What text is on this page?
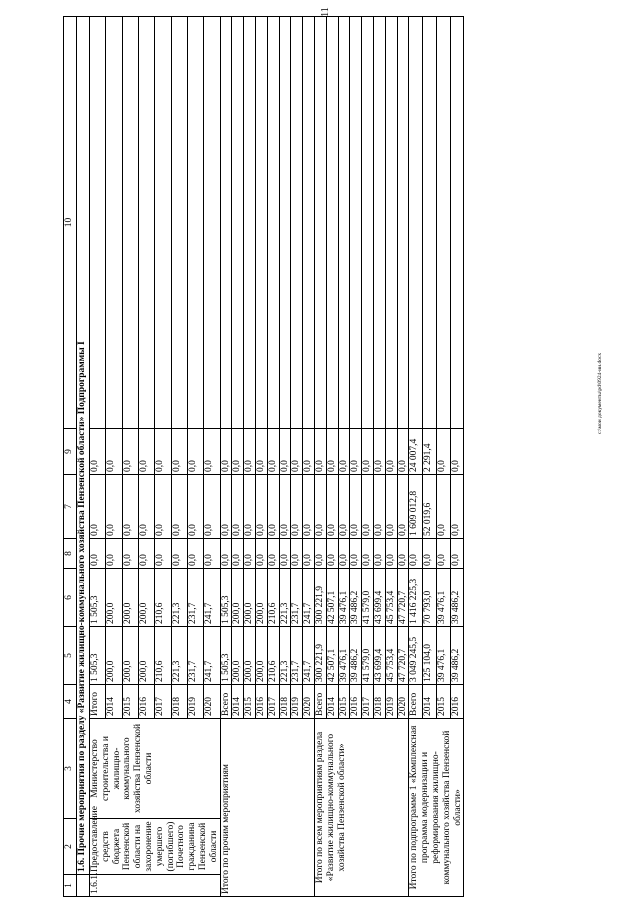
11
c:\мои документы\pd\0924-ии.docx
1	2	3	4	5	6	8	7	9	10
	1.6. Прочие мероприятия по разделу «Развитие жилищно-коммунального хозяйства Пензенской области» Подпрограммы I								
1.6.1.	Предоставление средств бюджета Пензенской области на захоронение умершего (погибшего) Почетного гражданина Пензенской области	Министерство строительства и жилищно-коммунального хозяйства Пензенской области	Итого	1 505,3	1 505,3	0,0	0,0	0,0	
			2014	200,0	200,0	0,0	0,0	0,0	
			2015	200,0	200,0	0,0	0,0	0,0	
			2016	200,0	200,0	0,0	0,0	0,0	
			2017	210,6	210,6	0,0	0,0	0,0	
			2018	221,3	221,3	0,0	0,0	0,0	
			2019	231,7	231,7	0,0	0,0	0,0	
			2020	241,7	241,7	0,0	0,0	0,0	
Итого по прочим мероприятиям			Всего	1 505,3	1 505,3	0,0	0,0	0,0	
			2014	200,0	200,0	0,0	0,0	0,0	
			2015	200,0	200,0	0,0	0,0	0,0	
			2016	200,0	200,0	0,0	0,0	0,0	
			2017	210,6	210,6	0,0	0,0	0,0	
			2018	221,3	221,3	0,0	0,0	0,0	
			2019	231,7	231,7	0,0	0,0	0,0	
			2020	241,7	241,7	0,0	0,0	0,0	
Итого по всем мероприятиям раздела «Развитие жилищно-коммунального хозяйства Пензенской области»			Всего	300 221,9	300 221,9	0,0	0,0	0,0	
			2014	42 507,1	42 507,1	0,0	0,0	0,0	
			2015	39 476,1	39 476,1	0,0	0,0	0,0	
			2016	39 486,2	39 486,2	0,0	0,0	0,0	
			2017	41 579,0	41 579,0	0,0	0,0	0,0	
			2018	43 699,4	43 699,4	0,0	0,0	0,0	
			2019	45 753,4	45 753,4	0,0	0,0	0,0	
			2020	47 720,7	47 720,7	0,0	0,0	0,0	
Итого по подпрограмме 1 «Комплексная программа модернизации и реформирования жилищно-коммунального хозяйства Пензенской области»			Всего	3 049 245,5	1 416 225,3	0,0	1 609 012,8	24 007,4	
			2014	125 104,0	70 793,0	0,0	52 019,6	2 291,4	
			2015	39 476,1	39 476,1	0,0	0,0	0,0	
			2016	39 486,2	39 486,2	0,0	0,0	0,0	
